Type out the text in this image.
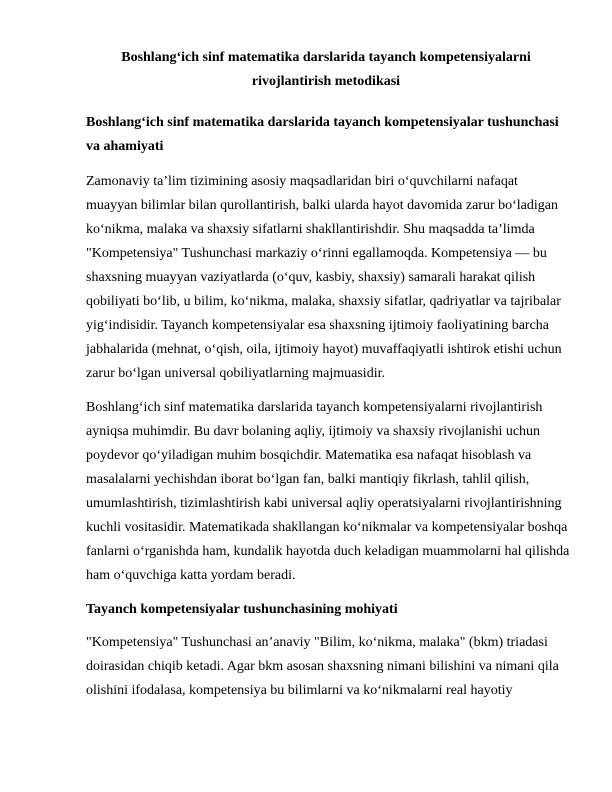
Boshlang‘ich sinf matematika darslarida tayanch kompetensiyalarni
rivojlantirish metodikasi
Boshlang‘ich sinf matematika darslarida tayanch kompetensiyalar tushunchasi
va ahamiyati
Zamonaviy ta’lim tizimining asosiy maqsadlaridan biri o‘quvchilarni nafaqat
muayyan bilimlar bilan qurollantirish, balki ularda hayot davomida zarur bo‘ladigan
ko‘nikma, malaka va shaxsiy sifatlarni shakllantirishdir. Shu maqsadda ta’limda
"Kompetensiya" Tushunchasi markaziy o‘rinni egallamoqda. Kompetensiya — bu
shaxsning muayyan vaziyatlarda (o‘quv, kasbiy, shaxsiy) samarali harakat qilish
qobiliyati bo‘lib, u bilim, ko‘nikma, malaka, shaxsiy sifatlar, qadriyatlar va tajribalar
yig‘indisidir. Tayanch kompetensiyalar esa shaxsning ijtimoiy faoliyatining barcha
jabhalarida (mehnat, o‘qish, oila, ijtimoiy hayot) muvaffaqiyatli ishtirok etishi uchun
zarur bo‘lgan universal qobiliyatlarning majmuasidir.
Boshlang‘ich sinf matematika darslarida tayanch kompetensiyalarni rivojlantirish
ayniqsa muhimdir. Bu davr bolaning aqliy, ijtimoiy va shaxsiy rivojlanishi uchun
poydevor qo‘yiladigan muhim bosqichdir. Matematika esa nafaqat hisoblash va
masalalarni yechishdan iborat bo‘lgan fan, balki mantiqiy fikrlash, tahlil qilish,
umumlashtirish, tizimlashtirish kabi universal aqliy operatsiyalarni rivojlantirishning
kuchli vositasidir. Matematikada shakllangan ko‘nikmalar va kompetensiyalar boshqa
fanlarni o‘rganishda ham, kundalik hayotda duch keladigan muammolarni hal qilishda
ham o‘quvchiga katta yordam beradi.
Tayanch kompetensiyalar tushunchasining mohiyati
"Kompetensiya" Tushunchasi an’anaviy "Bilim, ko‘nikma, malaka" (bkm) triadasi
doirasidan chiqib ketadi. Agar bkm asosan shaxsning nimani bilishini va nimani qila
olishini ifodalasa, kompetensiya bu bilimlarni va ko‘nikmalarni real hayotiy
